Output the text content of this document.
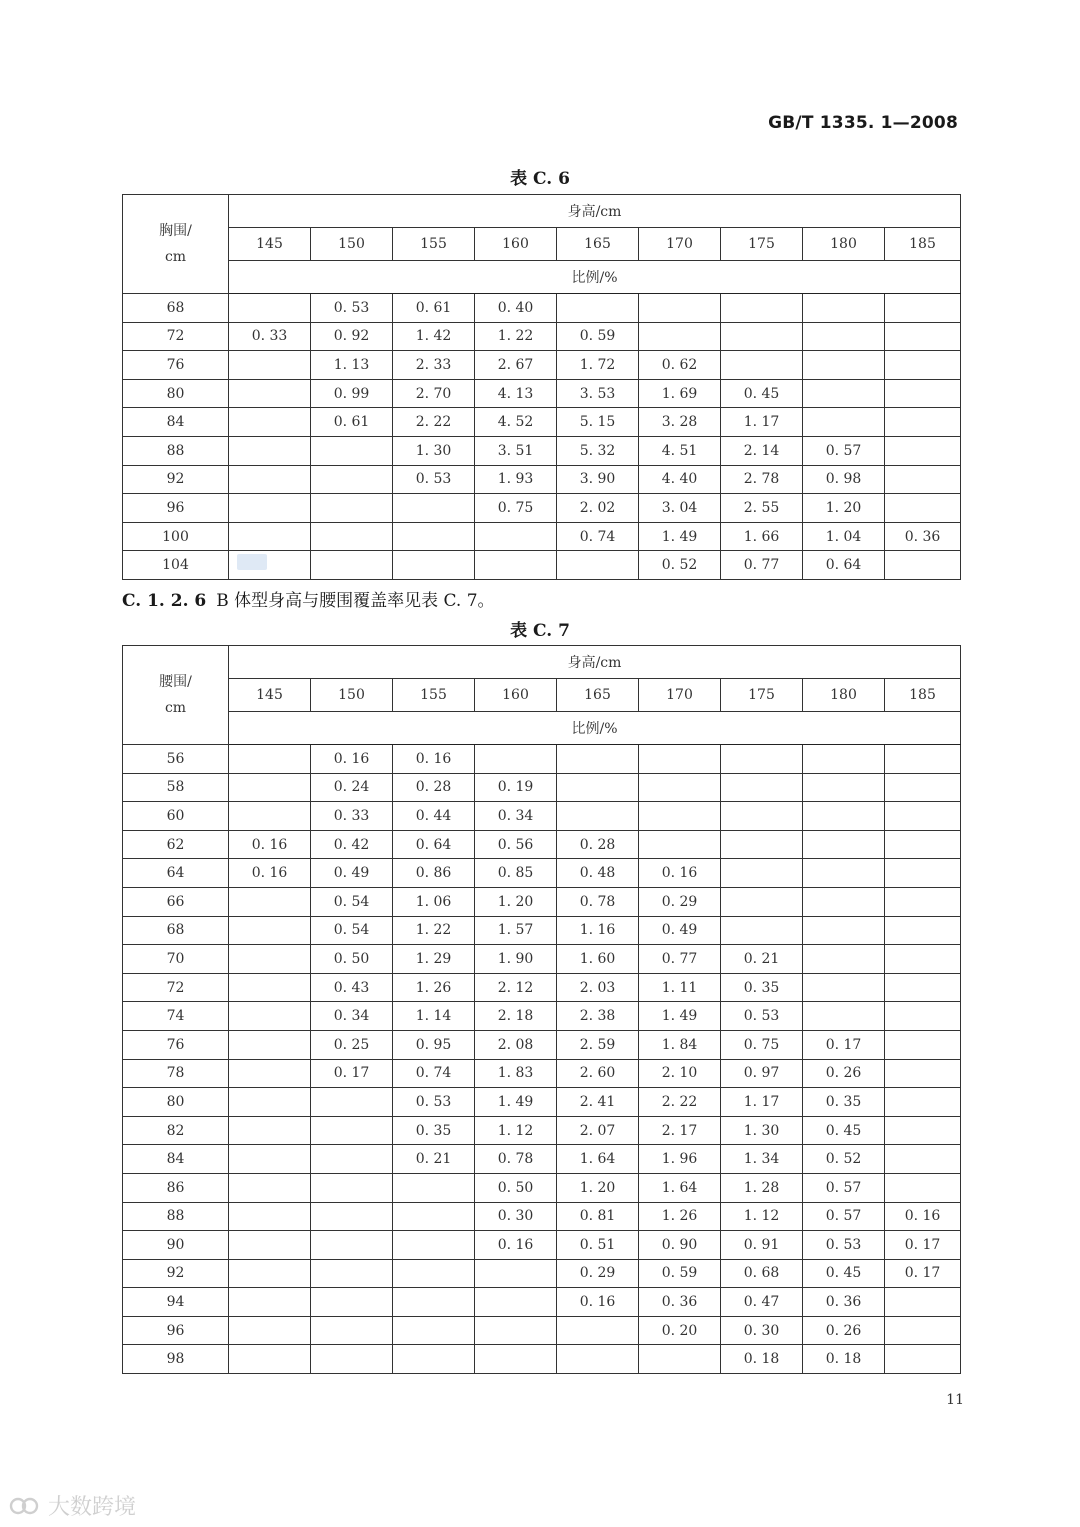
GB/T 1335. 1—2008
表 C. 6
胸围/
cm	身高/cm								
	145	150	155	160	165	170	175	180	185
	比例/%								
68		0. 53	0. 61	0. 40					
72	0. 33	0. 92	1. 42	1. 22	0. 59				
76		1. 13	2. 33	2. 67	1. 72	0. 62			
80		0. 99	2. 70	4. 13	3. 53	1. 69	0. 45		
84		0. 61	2. 22	4. 52	5. 15	3. 28	1. 17		
88			1. 30	3. 51	5. 32	4. 51	2. 14	0. 57	
92			0. 53	1. 93	3. 90	4. 40	2. 78	0. 98	
96				0. 75	2. 02	3. 04	2. 55	1. 20	
100					0. 74	1. 49	1. 66	1. 04	0. 36
104						0. 52	0. 77	0. 64	
C. 1. 2. 6 B 体型身高与腰围覆盖率见表 C. 7。
表 C. 7
腰围/
cm	身高/cm								
	145	150	155	160	165	170	175	180	185
	比例/%								
56		0. 16	0. 16						
58		0. 24	0. 28	0. 19					
60		0. 33	0. 44	0. 34					
62	0. 16	0. 42	0. 64	0. 56	0. 28				
64	0. 16	0. 49	0. 86	0. 85	0. 48	0. 16			
66		0. 54	1. 06	1. 20	0. 78	0. 29			
68		0. 54	1. 22	1. 57	1. 16	0. 49			
70		0. 50	1. 29	1. 90	1. 60	0. 77	0. 21		
72		0. 43	1. 26	2. 12	2. 03	1. 11	0. 35		
74		0. 34	1. 14	2. 18	2. 38	1. 49	0. 53		
76		0. 25	0. 95	2. 08	2. 59	1. 84	0. 75	0. 17	
78		0. 17	0. 74	1. 83	2. 60	2. 10	0. 97	0. 26	
80			0. 53	1. 49	2. 41	2. 22	1. 17	0. 35	
82			0. 35	1. 12	2. 07	2. 17	1. 30	0. 45	
84			0. 21	0. 78	1. 64	1. 96	1. 34	0. 52	
86				0. 50	1. 20	1. 64	1. 28	0. 57	
88				0. 30	0. 81	1. 26	1. 12	0. 57	0. 16
90				0. 16	0. 51	0. 90	0. 91	0. 53	0. 17
92					0. 29	0. 59	0. 68	0. 45	0. 17
94					0. 16	0. 36	0. 47	0. 36	
96						0. 20	0. 30	0. 26	
98							0. 18	0. 18	
11
大数跨境
